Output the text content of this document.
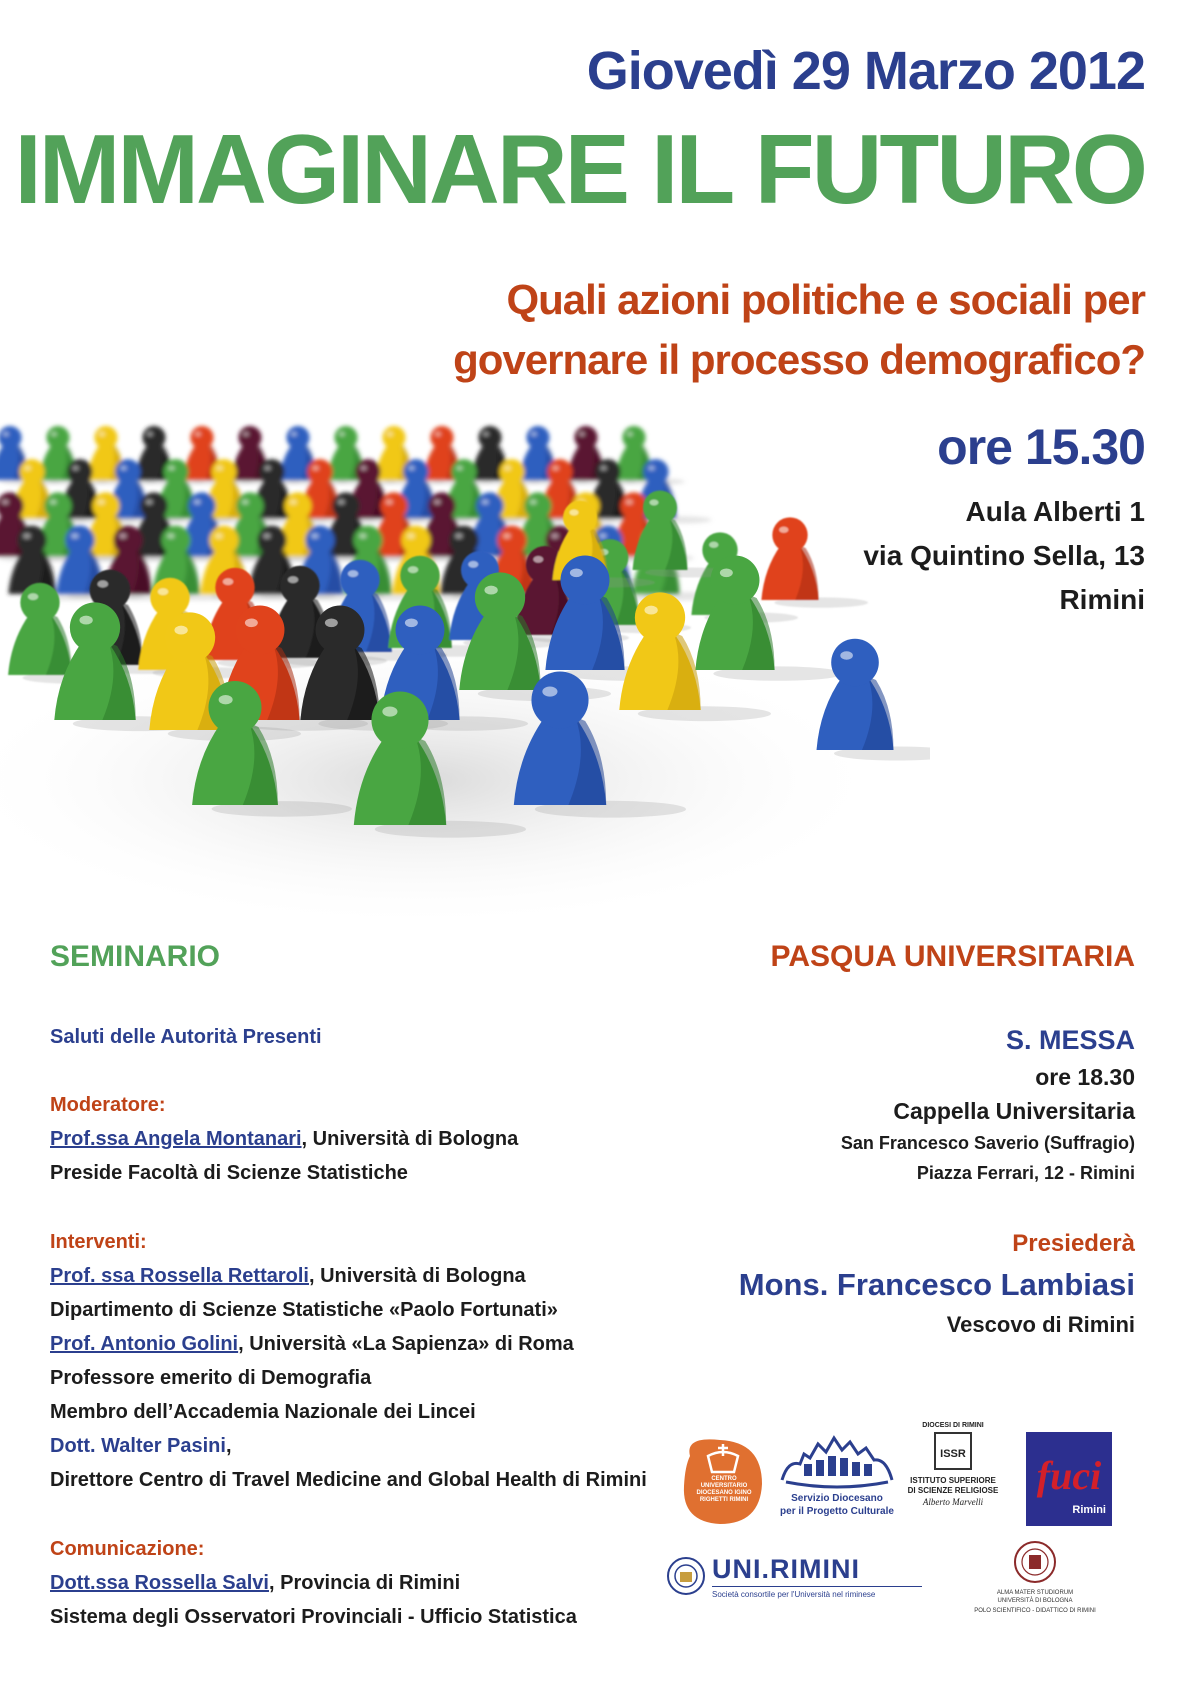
Giovedì 29 Marzo 2012
IMMAGINARE IL FUTURO
Quali azioni politiche e sociali per
governare il processo demografico?
ore 15.30
Aula Alberti 1
via Quintino Sella, 13
Rimini
SEMINARIO
Saluti delle Autorità Presenti
Moderatore:
Prof.ssa Angela Montanari, Università di Bologna
Preside Facoltà di Scienze Statistiche
Interventi:
Prof. ssa Rossella Rettaroli, Università di Bologna
Dipartimento di Scienze Statistiche «Paolo Fortunati»
Prof. Antonio Golini, Università «La Sapienza» di Roma
Professore emerito di Demografia
Membro dell’Accademia Nazionale dei Lincei
Dott. Walter Pasini,
Direttore Centro di Travel Medicine and Global Health di Rimini
Comunicazione:
Dott.ssa Rossella Salvi, Provincia di Rimini
Sistema degli Osservatori Provinciali - Ufficio Statistica
PASQUA UNIVERSITARIA
S. MESSA
ore 18.30
Cappella Universitaria
San Francesco Saverio (Suffragio)
Piazza Ferrari, 12 - Rimini
Presiederà
Mons. Francesco Lambiasi
Vescovo di Rimini
CENTRO UNIVERSITARIO DIOCESANO IGINO RIGHETTI RIMINI	Servizio Diocesano
per il Progetto Culturale
DIOCESI DI RIMINI
ISSR
ISTITUTO SUPERIORE
DI SCIENZE RELIGIOSE
Alberto Marvelli
fuci
Rimini
UNI.RIMINI
Società consortile per l'Università nel riminese	ALMA MATER STUDIORUM
UNIVERSITÀ DI BOLOGNA
POLO SCIENTIFICO - DIDATTICO DI RIMINI
